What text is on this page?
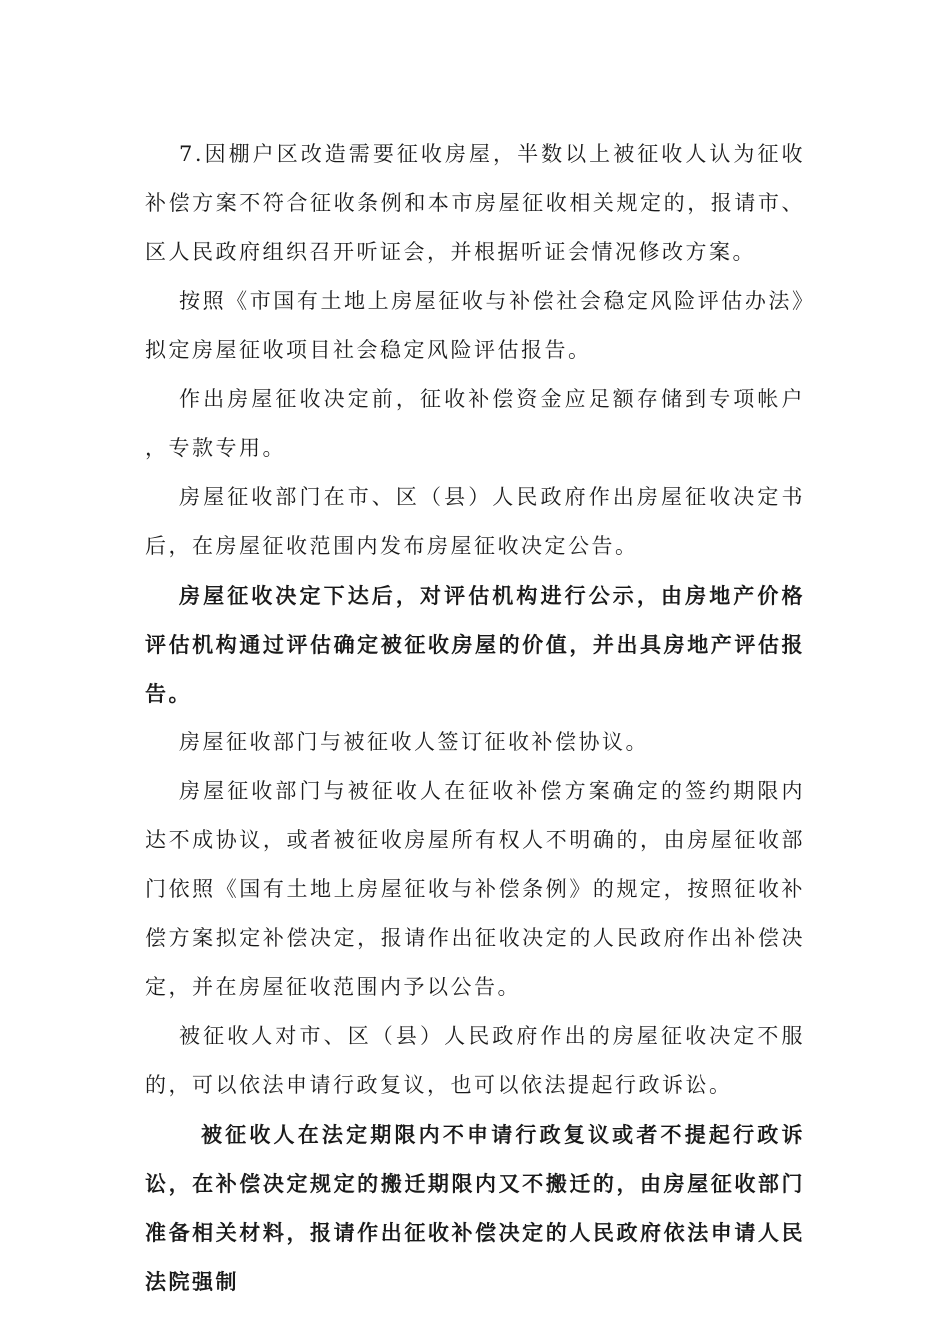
7.因棚户区改造需要征收房屋，半数以上被征收人认为征收补偿方案不符合征收条例和本市房屋征收相关规定的，报请市、区人民政府组织召开听证会，并根据听证会情况修改方案。

按照《市国有土地上房屋征收与补偿社会稳定风险评估办法》拟定房屋征收项目社会稳定风险评估报告。

作出房屋征收决定前，征收补偿资金应足额存储到专项帐户，专款专用。

房屋征收部门在市、区（县）人民政府作出房屋征收决定书后，在房屋征收范围内发布房屋征收决定公告。

房屋征收决定下达后，对评估机构进行公示，由房地产价格评估机构通过评估确定被征收房屋的价值，并出具房地产评估报告。

房屋征收部门与被征收人签订征收补偿协议。

房屋征收部门与被征收人在征收补偿方案确定的签约期限内达不成协议，或者被征收房屋所有权人不明确的，由房屋征收部门依照《国有土地上房屋征收与补偿条例》的规定，按照征收补偿方案拟定补偿决定，报请作出征收决定的人民政府作出补偿决定，并在房屋征收范围内予以公告。

被征收人对市、区（县）人民政府作出的房屋征收决定不服的，可以依法申请行政复议，也可以依法提起行政诉讼。

被征收人在法定期限内不申请行政复议或者不提起行政诉讼，在补偿决定规定的搬迁期限内又不搬迁的，由房屋征收部门准备相关材料，报请作出征收补偿决定的人民政府依法申请人民法院强制
